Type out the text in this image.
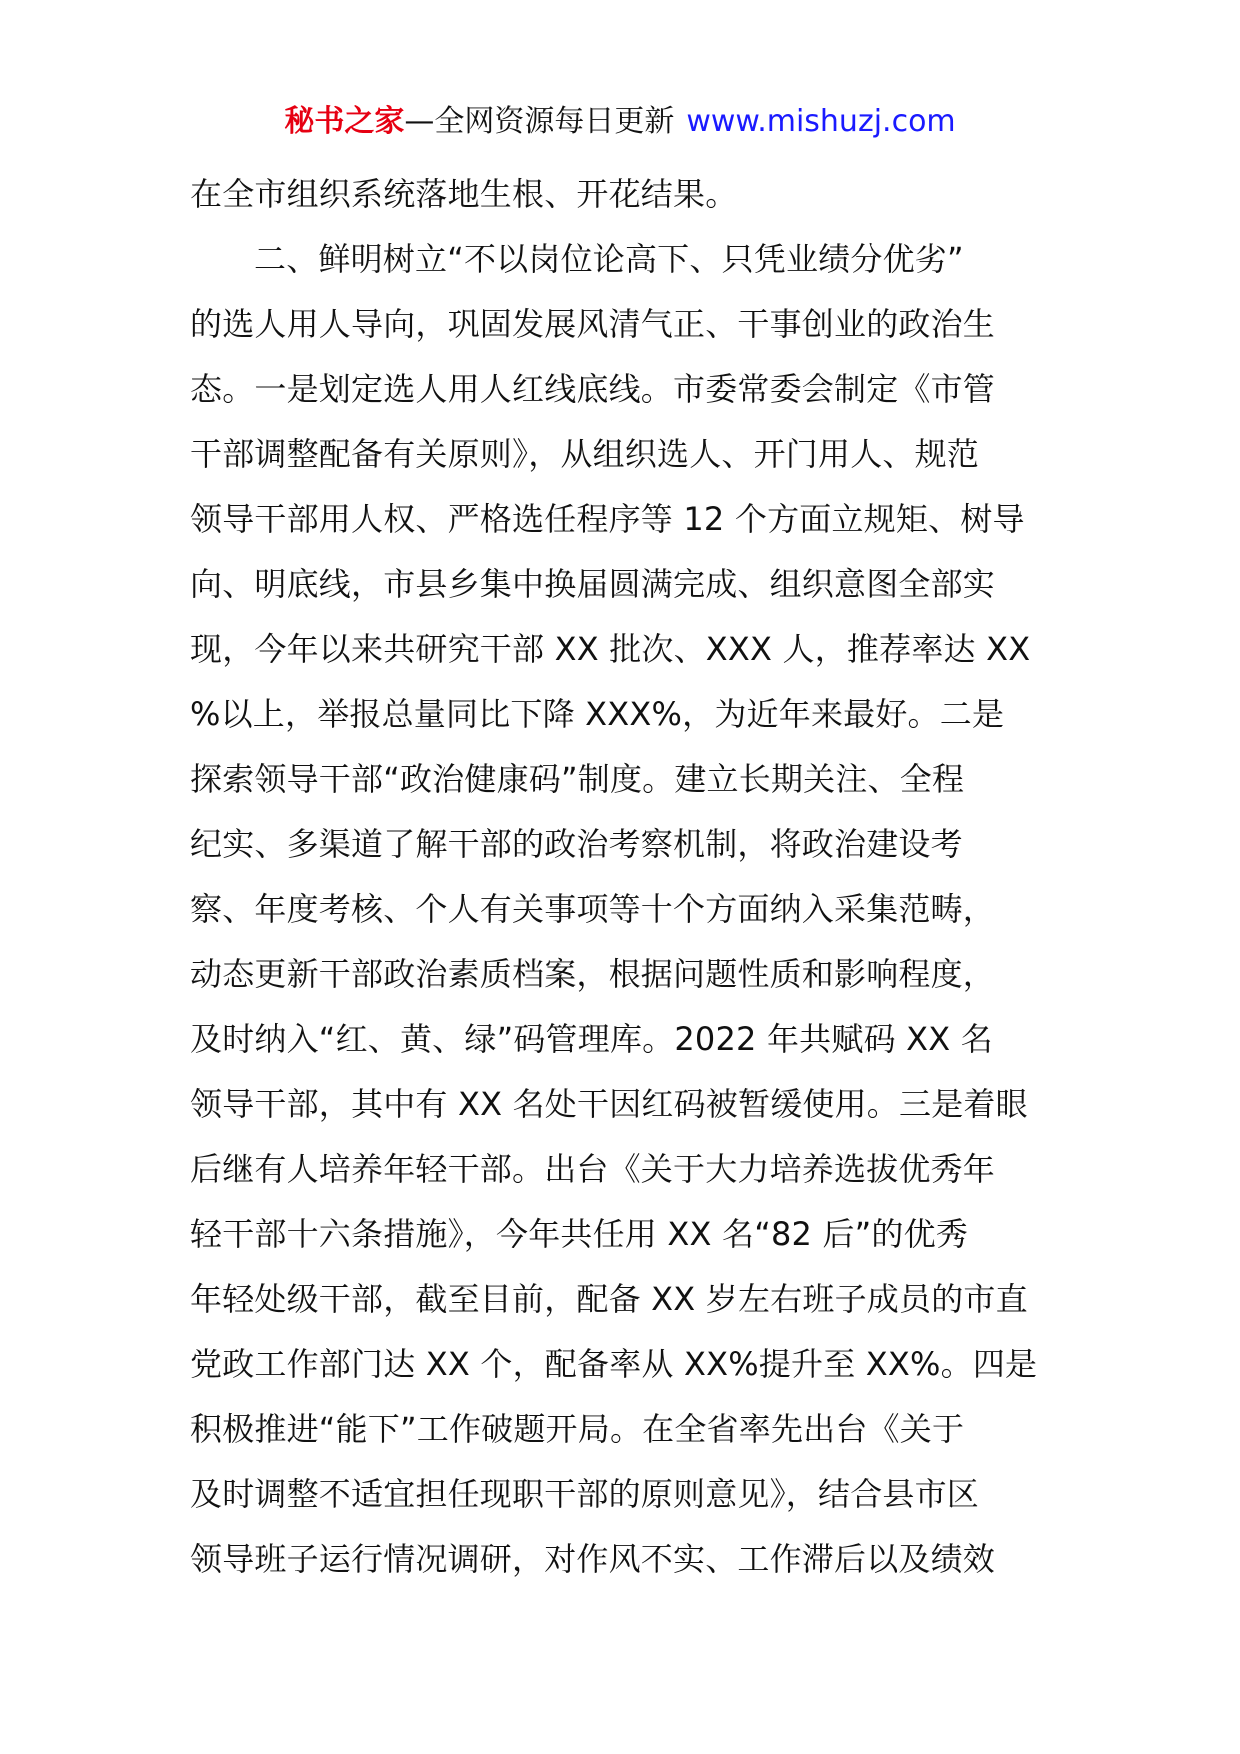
秘书之家—全网资源每日更新 www.mishuzj.com
在全市组织系统落地生根、开花结果。
二、鲜明树立“不以岗位论高下、只凭业绩分优劣”
的选人用人导向，巩固发展风清气正、干事创业的政治生
态。一是划定选人用人红线底线。市委常委会制定《市管
干部调整配备有关原则》，从组织选人、开门用人、规范
领导干部用人权、严格选任程序等 12 个方面立规矩、树导
向、明底线，市县乡集中换届圆满完成、组织意图全部实
现，今年以来共研究干部 XX 批次、XXX 人，推荐率达 XX
%以上，举报总量同比下降 XXX%，为近年来最好。二是
探索领导干部“政治健康码”制度。建立长期关注、全程
纪实、多渠道了解干部的政治考察机制，将政治建设考
察、年度考核、个人有关事项等十个方面纳入采集范畴，
动态更新干部政治素质档案，根据问题性质和影响程度，
及时纳入“红、黄、绿”码管理库。2022 年共赋码 XX 名
领导干部，其中有 XX 名处干因红码被暂缓使用。三是着眼
后继有人培养年轻干部。出台《关于大力培养选拔优秀年
轻干部十六条措施》，今年共任用 XX 名“82 后”的优秀
年轻处级干部，截至目前，配备 XX 岁左右班子成员的市直
党政工作部门达 XX 个，配备率从 XX%提升至 XX%。四是
积极推进“能下”工作破题开局。在全省率先出台《关于
及时调整不适宜担任现职干部的原则意见》，结合县市区
领导班子运行情况调研，对作风不实、工作滞后以及绩效
